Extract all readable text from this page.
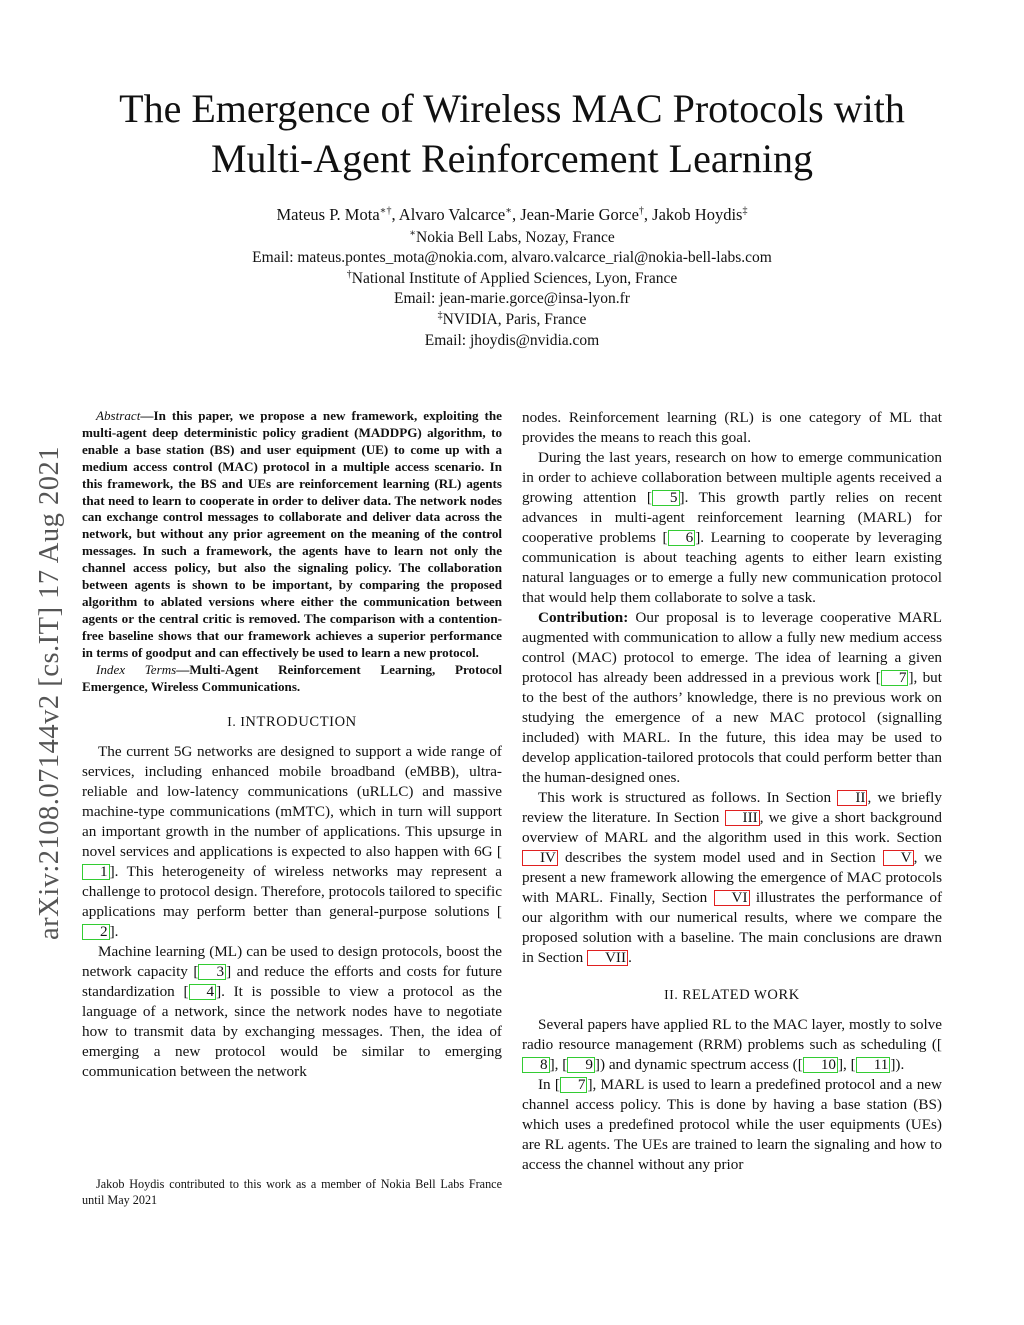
arXiv:2108.07144v2 [cs.IT] 17 Aug 2021
The Emergence of Wireless MAC Protocols with
Multi-Agent Reinforcement Learning
Mateus P. Mota∗†, Alvaro Valcarce∗, Jean-Marie Gorce†, Jakob Hoydis‡
∗Nokia Bell Labs, Nozay, France
Email: mateus.pontes_mota@nokia.com, alvaro.valcarce_rial@nokia-bell-labs.com
†National Institute of Applied Sciences, Lyon, France
Email: jean-marie.gorce@insa-lyon.fr
‡NVIDIA, Paris, France
Email: jhoydis@nvidia.com

Abstract—In this paper, we propose a new framework, exploiting the multi-agent deep deterministic policy gradient (MADDPG) algorithm, to enable a base station (BS) and user equipment (UE) to come up with a medium access control (MAC) protocol in a multiple access scenario. In this framework, the BS and UEs are reinforcement learning (RL) agents that need to learn to cooperate in order to deliver data. The network nodes can exchange control messages to collaborate and deliver data across the network, but without any prior agreement on the meaning of the control messages. In such a framework, the agents have to learn not only the channel access policy, but also the signaling policy. The collaboration between agents is shown to be important, by comparing the proposed algorithm to ablated versions where either the communication between agents or the central critic is removed. The comparison with a contention-free baseline shows that our framework achieves a superior performance in terms of goodput and can effectively be used to learn a new protocol.

Index Terms—Multi-Agent Reinforcement Learning, Protocol Emergence, Wireless Communications.

I. INTRODUCTION

The current 5G networks are designed to support a wide range of services, including enhanced mobile broadband (eMBB), ultra-reliable and low-latency communications (uRLLC) and massive machine-type communications (mMTC), which in turn will support an important growth in the number of applications. This upsurge in novel services and applications is expected to also happen with 6G [1 ]. This heterogeneity of wireless networks may represent a challenge to protocol design. Therefore, protocols tailored to specific applications may perform better than general-purpose solutions [2 ].

Machine learning (ML) can be used to design protocols, boost the network capacity [ 3 ] and reduce the efforts and costs for future standardization [ 4 ]. It is possible to view a protocol as the language of a network, since the network nodes have to negotiate how to transmit data by exchanging messages. Then, the idea of emerging a new protocol would be similar to emerging communication between the network

Jakob Hoydis contributed to this work as a member of Nokia Bell Labs France until May 2021

nodes. Reinforcement learning (RL) is one category of ML that provides the means to reach this goal.

During the last years, research on how to emerge communication in order to achieve collaboration between multiple agents received a growing attention [ 5 ]. This growth partly relies on recent advances in multi-agent reinforcement learning (MARL) for cooperative problems [ 6 ]. Learning to cooperate by leveraging communication is about teaching agents to either learn existing natural languages or to emerge a fully new communication protocol that would help them collaborate to solve a task.

Contribution: Our proposal is to leverage cooperative MARL augmented with communication to allow a fully new medium access control (MAC) protocol to emerge. The idea of learning a given protocol has already been addressed in a previous work [ 7 ], but to the best of the authors’ knowledge, there is no previous work on studying the emergence of a new MAC protocol (signalling included) with MARL. In the future, this idea may be used to develop application-tailored protocols that could perform better than the human-designed ones.

This work is structured as follows. In Section II , we briefly review the literature. In Section III , we give a short background overview of MARL and the algorithm used in this work. Section IV describes the system model used and in Section V , we present a new framework allowing the emergence of MAC protocols with MARL. Finally, Section VI illustrates the performance of our algorithm with our numerical results, where we compare the proposed solution with a baseline. The main conclusions are drawn in Section VII .

II. RELATED WORK

Several papers have applied RL to the MAC layer, mostly to solve radio resource management (RRM) problems such as scheduling ([8 ], [ 9 ]) and dynamic spectrum access ([ 10 ], [ 11 ]).

In [ 7 ], MARL is used to learn a predefined protocol and a new channel access policy. This is done by having a base station (BS) which uses a predefined protocol while the user equipments (UEs) are RL agents. The UEs are trained to learn the signaling and how to access the channel without any prior
